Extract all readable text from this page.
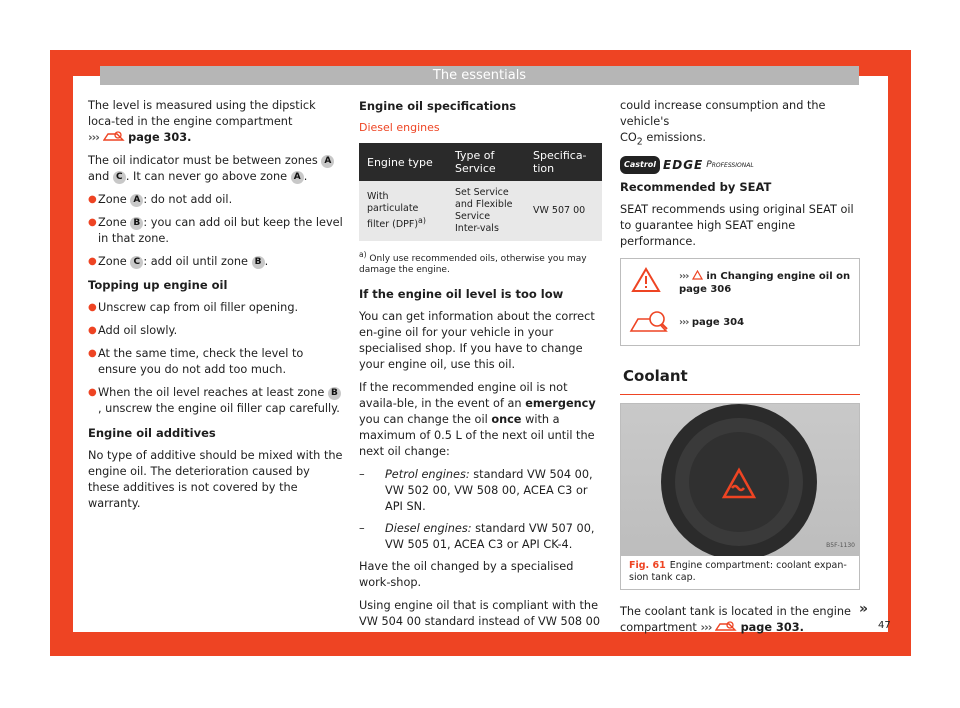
The essentials

The level is measured using the dipstick loca-ted in the engine compartment
›››	page 303.

The oil indicator must be between zones A and C . It can never go above zone A .

● Zone A : do not add oil.
● Zone B : you can add oil but keep the level in that zone.
● Zone C : add oil until zone B .

Topping up engine oil

● Unscrew cap from oil filler opening.
● Add oil slowly.
● At the same time, check the level to ensure you do not add too much.
● When the oil level reaches at least zone B, unscrew the engine oil filler cap carefully.

Engine oil additives

No type of additive should be mixed with the engine oil. The deterioration caused by these additives is not covered by the warranty.

Engine oil specifications

Diesel engines

Engine type	Type of Service	Specifica-tion
With particulate filter (DPF)$^{a)}$	Set Service and Flexible Service Inter-vals	VW 507 00

$^{a)}$ Only use recommended oils, otherwise you may damage the engine.

If the engine oil level is too low

You can get information about the correct en-gine oil for your vehicle in your specialised shop. If you have to change your engine oil, use this oil.

If the recommended engine oil is not availa-ble, in the event of an emergency you can change the oil once with a maximum of 0.5 L of the next oil until the next oil change:

– Petrol engines: standard VW 504 00, VW 502 00, VW 508 00, ACEA C3 or API SN.
– Diesel engines: standard VW 507 00, VW 505 01, ACEA C3 or API CK-4.

Have the oil changed by a specialised work-shop.

Using engine oil that is compliant with the VW 504 00 standard instead of VW 508 00

could increase consumption and the vehicle's
$CO_2$ emissions.

Castrol EDGE Professional

Recommended by SEAT

SEAT recommends using original SEAT oil to guarantee high SEAT engine performance.

››› in Changing engine oil on page 306
››› page 304
Coolant
B5F-1130
Fig. 61 Engine compartment: coolant expan-sion tank cap.

The coolant tank is located in the engine compartment ›››	page 303.

»
47
